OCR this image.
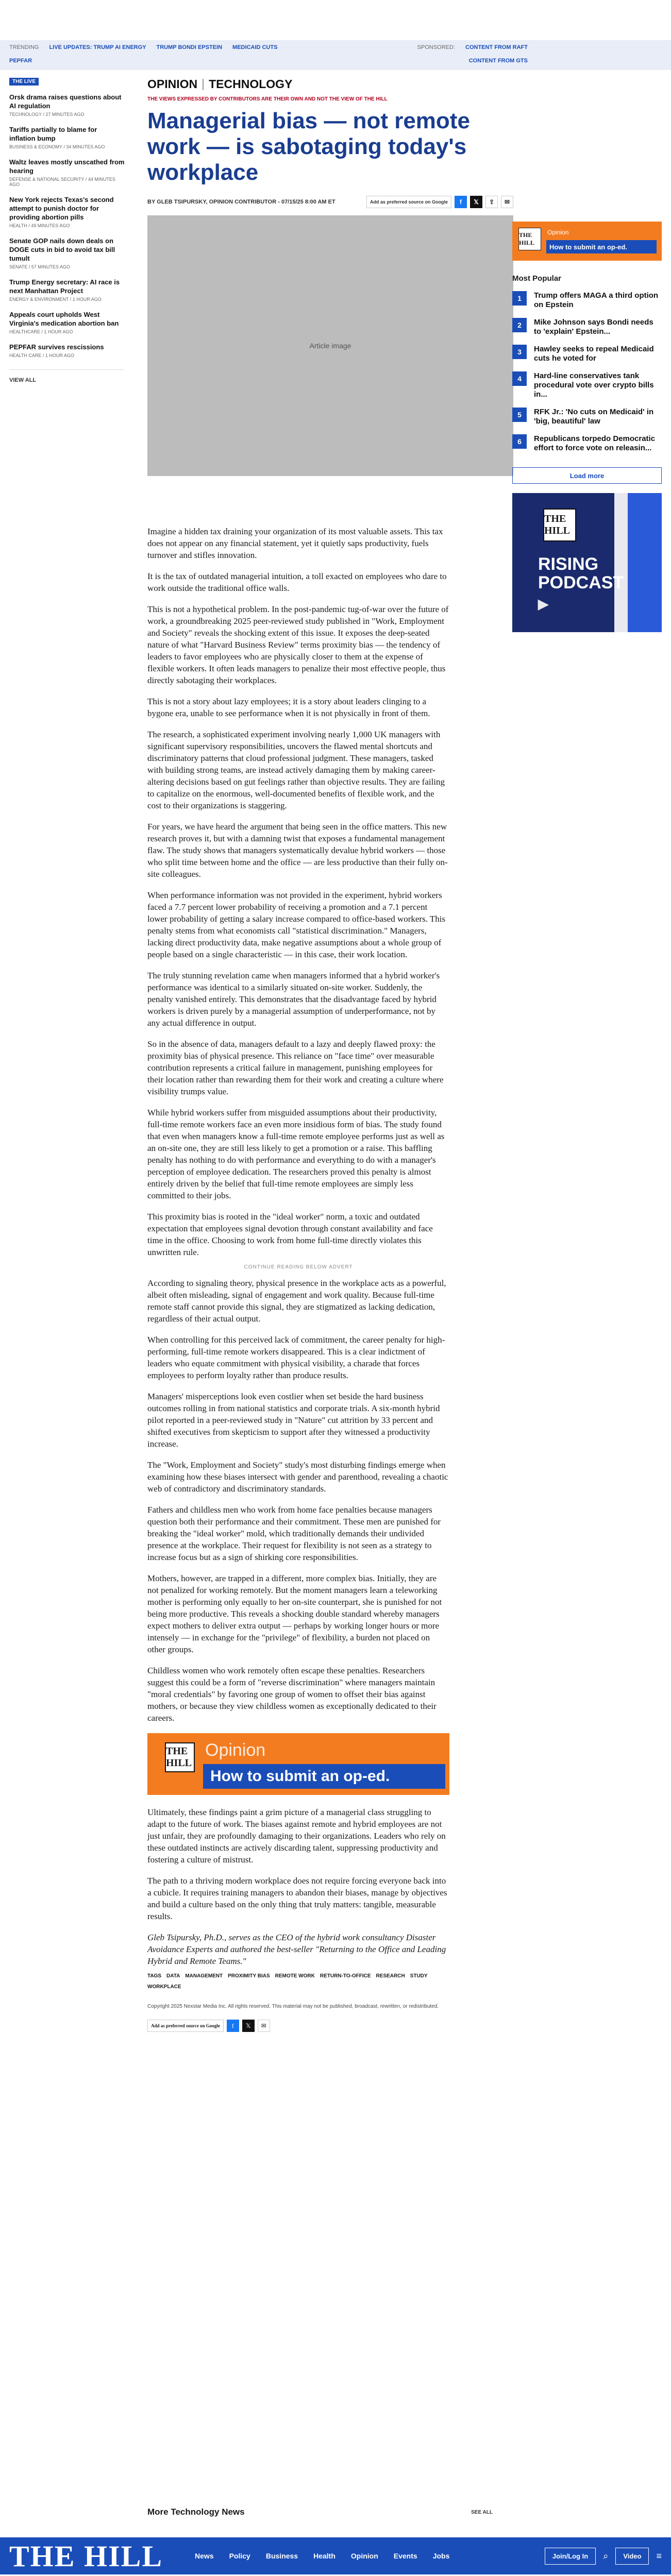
TRENDING LIVE UPDATES: TRUMP AI ENERGY TRUMP BONDI EPSTEIN MEDICAID CUTS	SPONSORED: CONTENT FROM RAFT
PEPFAR	CONTENT FROM GTS
THE LIVE
Orsk drama raises questions about AI regulation
TECHNOLOGY / 27 MINUTES AGO
Tariffs partially to blame for inflation bump
BUSINESS & ECONOMY / 34 MINUTES AGO
Waltz leaves mostly unscathed from hearing
DEFENSE & NATIONAL SECURITY / 44 MINUTES AGO
New York rejects Texas's second attempt to punish doctor for providing abortion pills
HEALTH / 49 MINUTES AGO
Senate GOP nails down deals on DOGE cuts in bid to avoid tax bill tumult
SENATE / 57 MINUTES AGO
Trump Energy secretary: AI race is next Manhattan Project
ENERGY & ENVIRONMENT / 1 HOUR AGO
Appeals court upholds West Virginia's medication abortion ban
HEALTHCARE / 1 HOUR AGO
PEPFAR survives rescissions
HEALTH CARE / 1 HOUR AGO
VIEW ALL
OPINION TECHNOLOGY
THE VIEWS EXPRESSED BY CONTRIBUTORS ARE THEIR OWN AND NOT THE VIEW OF THE HILL
Managerial bias — not remote work — is sabotaging today's workplace
BY GLEB TSIPURSKY, OPINION CONTRIBUTOR - 07/15/25 8:00 AM ET	Add as preferred source on Google	f	𝕏	⇪	✉
Article image
THE HILL
Opinion
How to submit an op-ed.
Most Popular
1	Trump offers MAGA a third option on Epstein
2	Mike Johnson says Bondi needs to 'explain' Epstein...
3	Hawley seeks to repeal Medicaid cuts he voted for
4	Hard-line conservatives tank procedural vote over crypto bills in...
5	RFK Jr.: 'No cuts on Medicaid' in 'big, beautiful' law
6	Republicans torpedo Democratic effort to force vote on releasin...
Load more
THE HILL
RISING PODCAST
▶

Imagine a hidden tax draining your organization of its most valuable assets. This tax does not appear on any financial statement, yet it quietly saps productivity, fuels turnover and stifles innovation.

It is the tax of outdated managerial intuition, a toll exacted on employees who dare to work outside the traditional office walls.

This is not a hypothetical problem. In the post-pandemic tug-of-war over the future of work, a groundbreaking 2025 peer-reviewed study published in "Work, Employment and Society" reveals the shocking extent of this issue. It exposes the deep-seated nature of what "Harvard Business Review" terms proximity bias — the tendency of leaders to favor employees who are physically closer to them at the expense of flexible workers. It often leads managers to penalize their most effective people, thus directly sabotaging their workplaces.

This is not a story about lazy employees; it is a story about leaders clinging to a bygone era, unable to see performance when it is not physically in front of them.

The research, a sophisticated experiment involving nearly 1,000 UK managers with significant supervisory responsibilities, uncovers the flawed mental shortcuts and discriminatory patterns that cloud professional judgment. These managers, tasked with building strong teams, are instead actively damaging them by making career-altering decisions based on gut feelings rather than objective results. They are failing to capitalize on the enormous, well-documented benefits of flexible work, and the cost to their organizations is staggering.

For years, we have heard the argument that being seen in the office matters. This new research proves it, but with a damning twist that exposes a fundamental management flaw. The study shows that managers systematically devalue hybrid workers — those who split time between home and the office — are less productive than their fully on-site colleagues.

When performance information was not provided in the experiment, hybrid workers faced a 7.7 percent lower probability of receiving a promotion and a 7.1 percent lower probability of getting a salary increase compared to office-based workers. This penalty stems from what economists call "statistical discrimination." Managers, lacking direct productivity data, make negative assumptions about a whole group of people based on a single characteristic — in this case, their work location.

The truly stunning revelation came when managers informed that a hybrid worker's performance was identical to a similarly situated on-site worker. Suddenly, the penalty vanished entirely. This demonstrates that the disadvantage faced by hybrid workers is driven purely by a managerial assumption of underperformance, not by any actual difference in output.

So in the absence of data, managers default to a lazy and deeply flawed proxy: the proximity bias of physical presence. This reliance on "face time" over measurable contribution represents a critical failure in management, punishing employees for their location rather than rewarding them for their work and creating a culture where visibility trumps value.

While hybrid workers suffer from misguided assumptions about their productivity, full-time remote workers face an even more insidious form of bias. The study found that even when managers know a full-time remote employee performs just as well as an on-site one, they are still less likely to get a promotion or a raise. This baffling penalty has nothing to do with performance and everything to do with a manager's perception of employee dedication. The researchers proved this penalty is almost entirely driven by the belief that full-time remote employees are simply less committed to their jobs.

This proximity bias is rooted in the "ideal worker" norm, a toxic and outdated expectation that employees signal devotion through constant availability and face time in the office. Choosing to work from home full-time directly violates this unwritten rule.

CONTINUE READING BELOW ADVERT

According to signaling theory, physical presence in the workplace acts as a powerful, albeit often misleading, signal of engagement and work quality. Because full-time remote staff cannot provide this signal, they are stigmatized as lacking dedication, regardless of their actual output.

When controlling for this perceived lack of commitment, the career penalty for high-performing, full-time remote workers disappeared. This is a clear indictment of leaders who equate commitment with physical visibility, a charade that forces employees to perform loyalty rather than produce results.

Managers' misperceptions look even costlier when set beside the hard business outcomes rolling in from national statistics and corporate trials. A six-month hybrid pilot reported in a peer-reviewed study in "Nature" cut attrition by 33 percent and shifted executives from skepticism to support after they witnessed a productivity increase.

The "Work, Employment and Society" study's most disturbing findings emerge when examining how these biases intersect with gender and parenthood, revealing a chaotic web of contradictory and discriminatory standards.

Fathers and childless men who work from home face penalties because managers question both their performance and their commitment. These men are punished for breaking the "ideal worker" mold, which traditionally demands their undivided presence at the workplace. Their request for flexibility is not seen as a strategy to increase focus but as a sign of shirking core responsibilities.

Mothers, however, are trapped in a different, more complex bias. Initially, they are not penalized for working remotely. But the moment managers learn a teleworking mother is performing only equally to her on-site counterpart, she is punished for not being more productive. This reveals a shocking double standard whereby managers expect mothers to deliver extra output — perhaps by working longer hours or more intensely — in exchange for the "privilege" of flexibility, a burden not placed on other groups.

Childless women who work remotely often escape these penalties. Researchers suggest this could be a form of "reverse discrimination" where managers maintain "moral credentials" by favoring one group of women to offset their bias against mothers, or because they view childless women as exceptionally dedicated to their careers.

THE HILL
Opinion
How to submit an op-ed.

Ultimately, these findings paint a grim picture of a managerial class struggling to adapt to the future of work. The biases against remote and hybrid employees are not just unfair, they are profoundly damaging to their organizations. Leaders who rely on these outdated instincts are actively discarding talent, suppressing productivity and fostering a culture of mistrust.

The path to a thriving modern workplace does not require forcing everyone back into a cubicle. It requires training managers to abandon their biases, manage by objectives and build a culture based on the only thing that truly matters: tangible, measurable results.

Gleb Tsipursky, Ph.D., serves as the CEO of the hybrid work consultancy Disaster Avoidance Experts and authored the best-seller "Returning to the Office and Leading Hybrid and Remote Teams."

TAGS DATA MANAGEMENT PROXIMITY BIAS REMOTE WORK RETURN-TO-OFFICE RESEARCH STUDY
WORKPLACE
Copyright 2025 Nexstar Media Inc. All rights reserved. This material may not be published, broadcast, rewritten, or redistributed.
Add as preferred source on Google	f	𝕏	✉
More Technology News	SEE ALL
THE HILL	News Policy Business Health Opinion Events Jobs	Join/Log In	⌕	Video	≡
